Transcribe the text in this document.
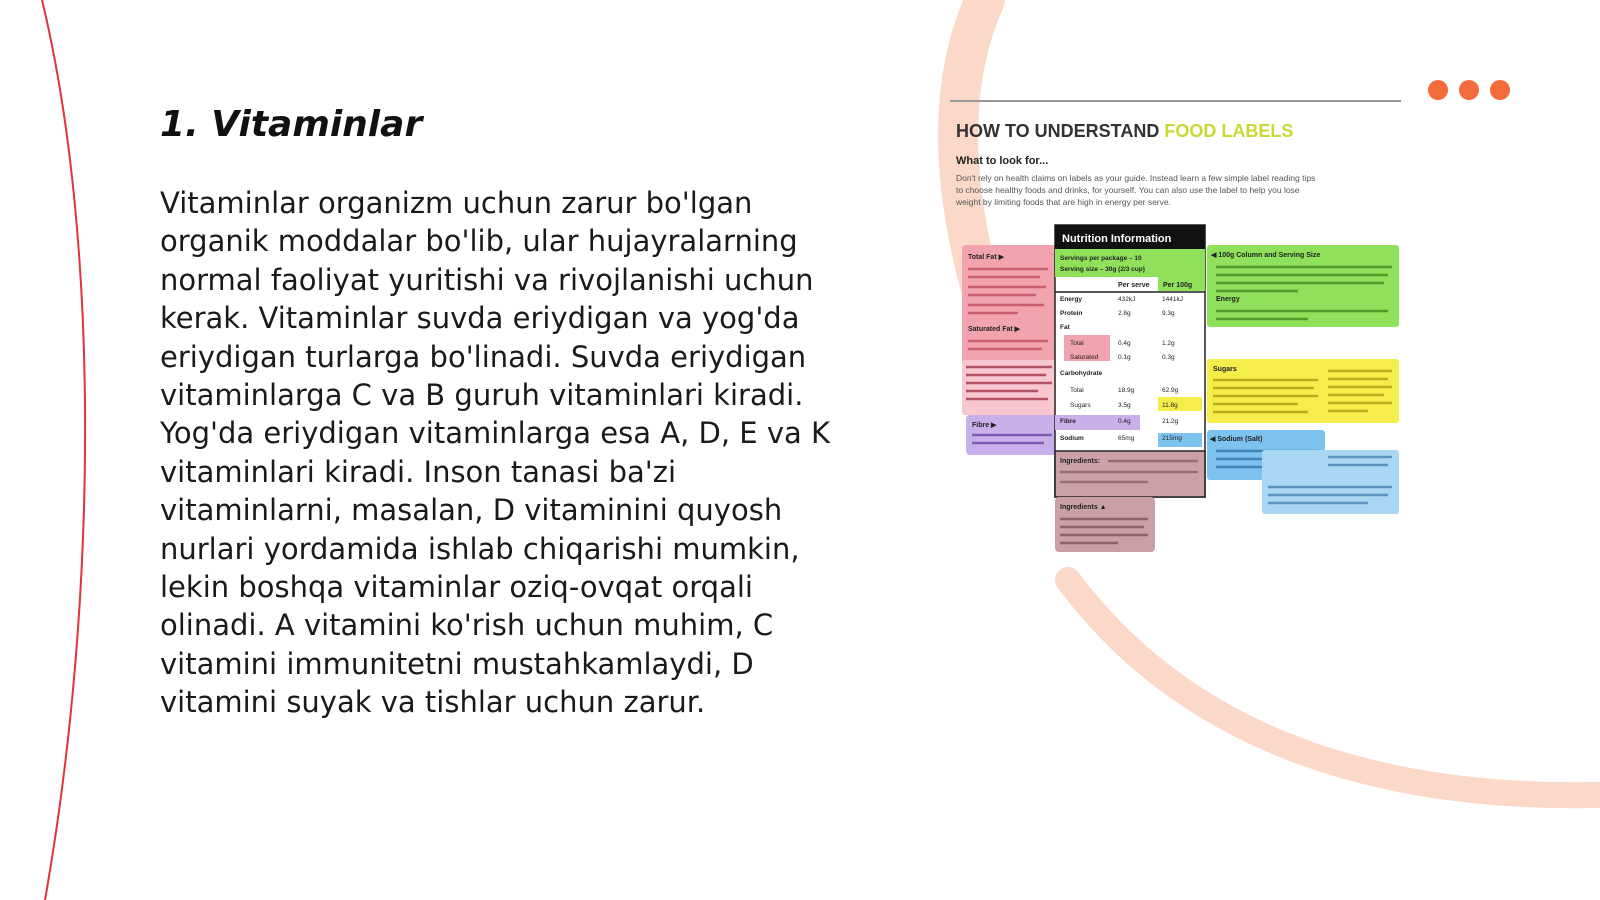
1. Vitaminlar

Vitaminlar organizm uchun zarur bo'lgan organik moddalar bo'lib, ular hujayralarning normal faoliyat yuritishi va rivojlanishi uchun kerak. Vitaminlar suvda eriydigan va yog'da eriydigan turlarga bo'linadi. Suvda eriydigan vitaminlarga C va B guruh vitaminlari kiradi. Yog'da eriydigan vitaminlarga esa A, D, E va K vitaminlari kiradi. Inson tanasi ba'zi vitaminlarni, masalan, D vitaminini quyosh nurlari yordamida ishlab chiqarishi mumkin, lekin boshqa vitaminlar oziq-ovqat orqali olinadi. A vitamini ko'rish uchun muhim, C vitamini immunitetni mustahkamlaydi, D vitamini suyak va tishlar uchun zarur.

HOW TO UNDERSTAND FOOD LABELS
What to look for...
Don't rely on health claims on labels as your guide. Instead learn a few simple label reading tips
to choose healthy foods and drinks, for yourself. You can also use the label to help you lose
weight by limiting foods that are high in energy per serve.
Total Fat ▶
Saturated Fat ▶
Fibre ▶
Nutrition Information
Servings per package – 10
Serving size – 30g (2/3 cup)
Per serve Per 100g
Energy	432kJ	1441kJ
Protein	2.8g	9.3g
Fat
Total	0.4g	1.2g
Saturated	0.1g	0.3g
Carbohydrate
Total	18.9g	62.9g
Sugars	3.5g	11.8g
Fibre	0.4g	21.2g
Sodium	65mg	215mg
Ingredients:
Ingredients ▲
◀ 100g Column and Serving Size
Energy
Sugars
◀ Sodium (Salt)
